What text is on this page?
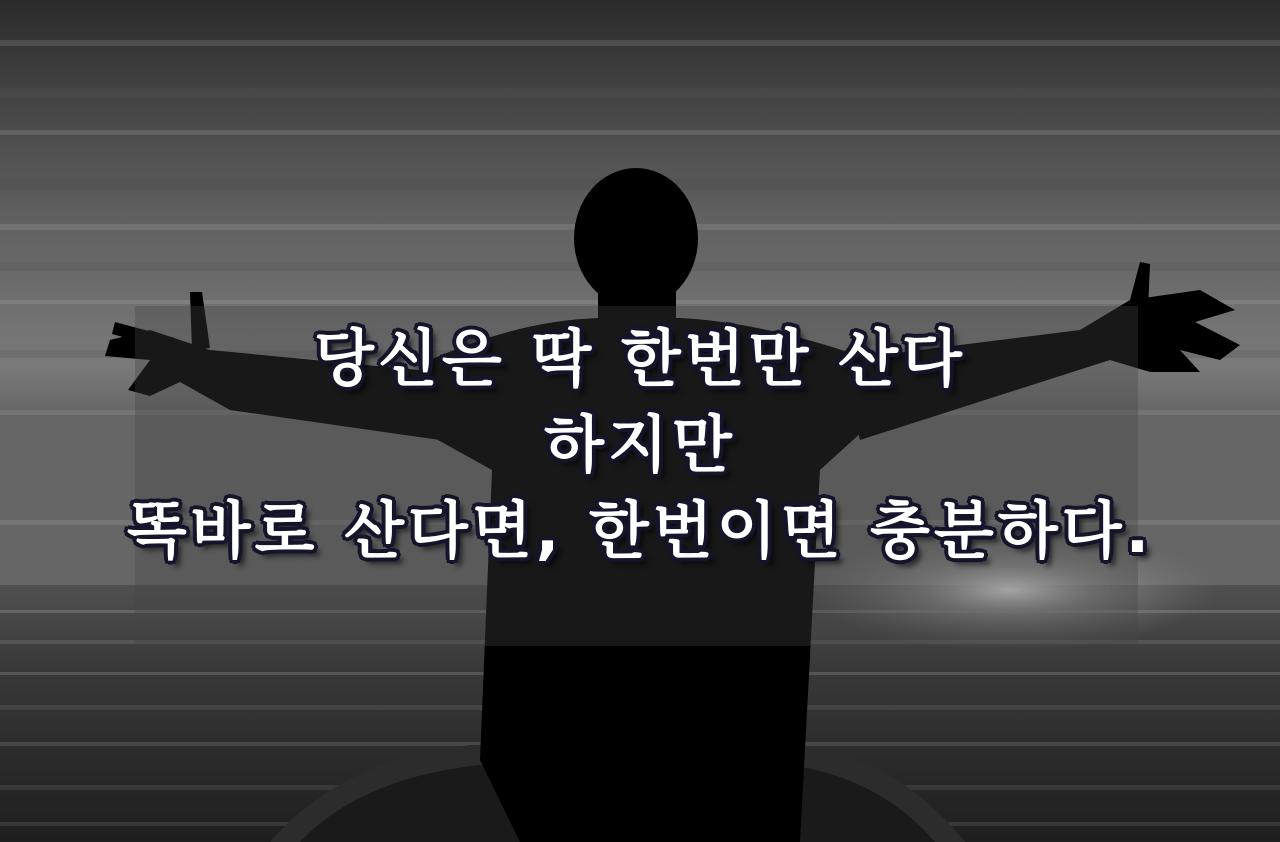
당신은 딱 한번만 산다
하지만
똑바로 산다면, 한번이면 충분하다.
